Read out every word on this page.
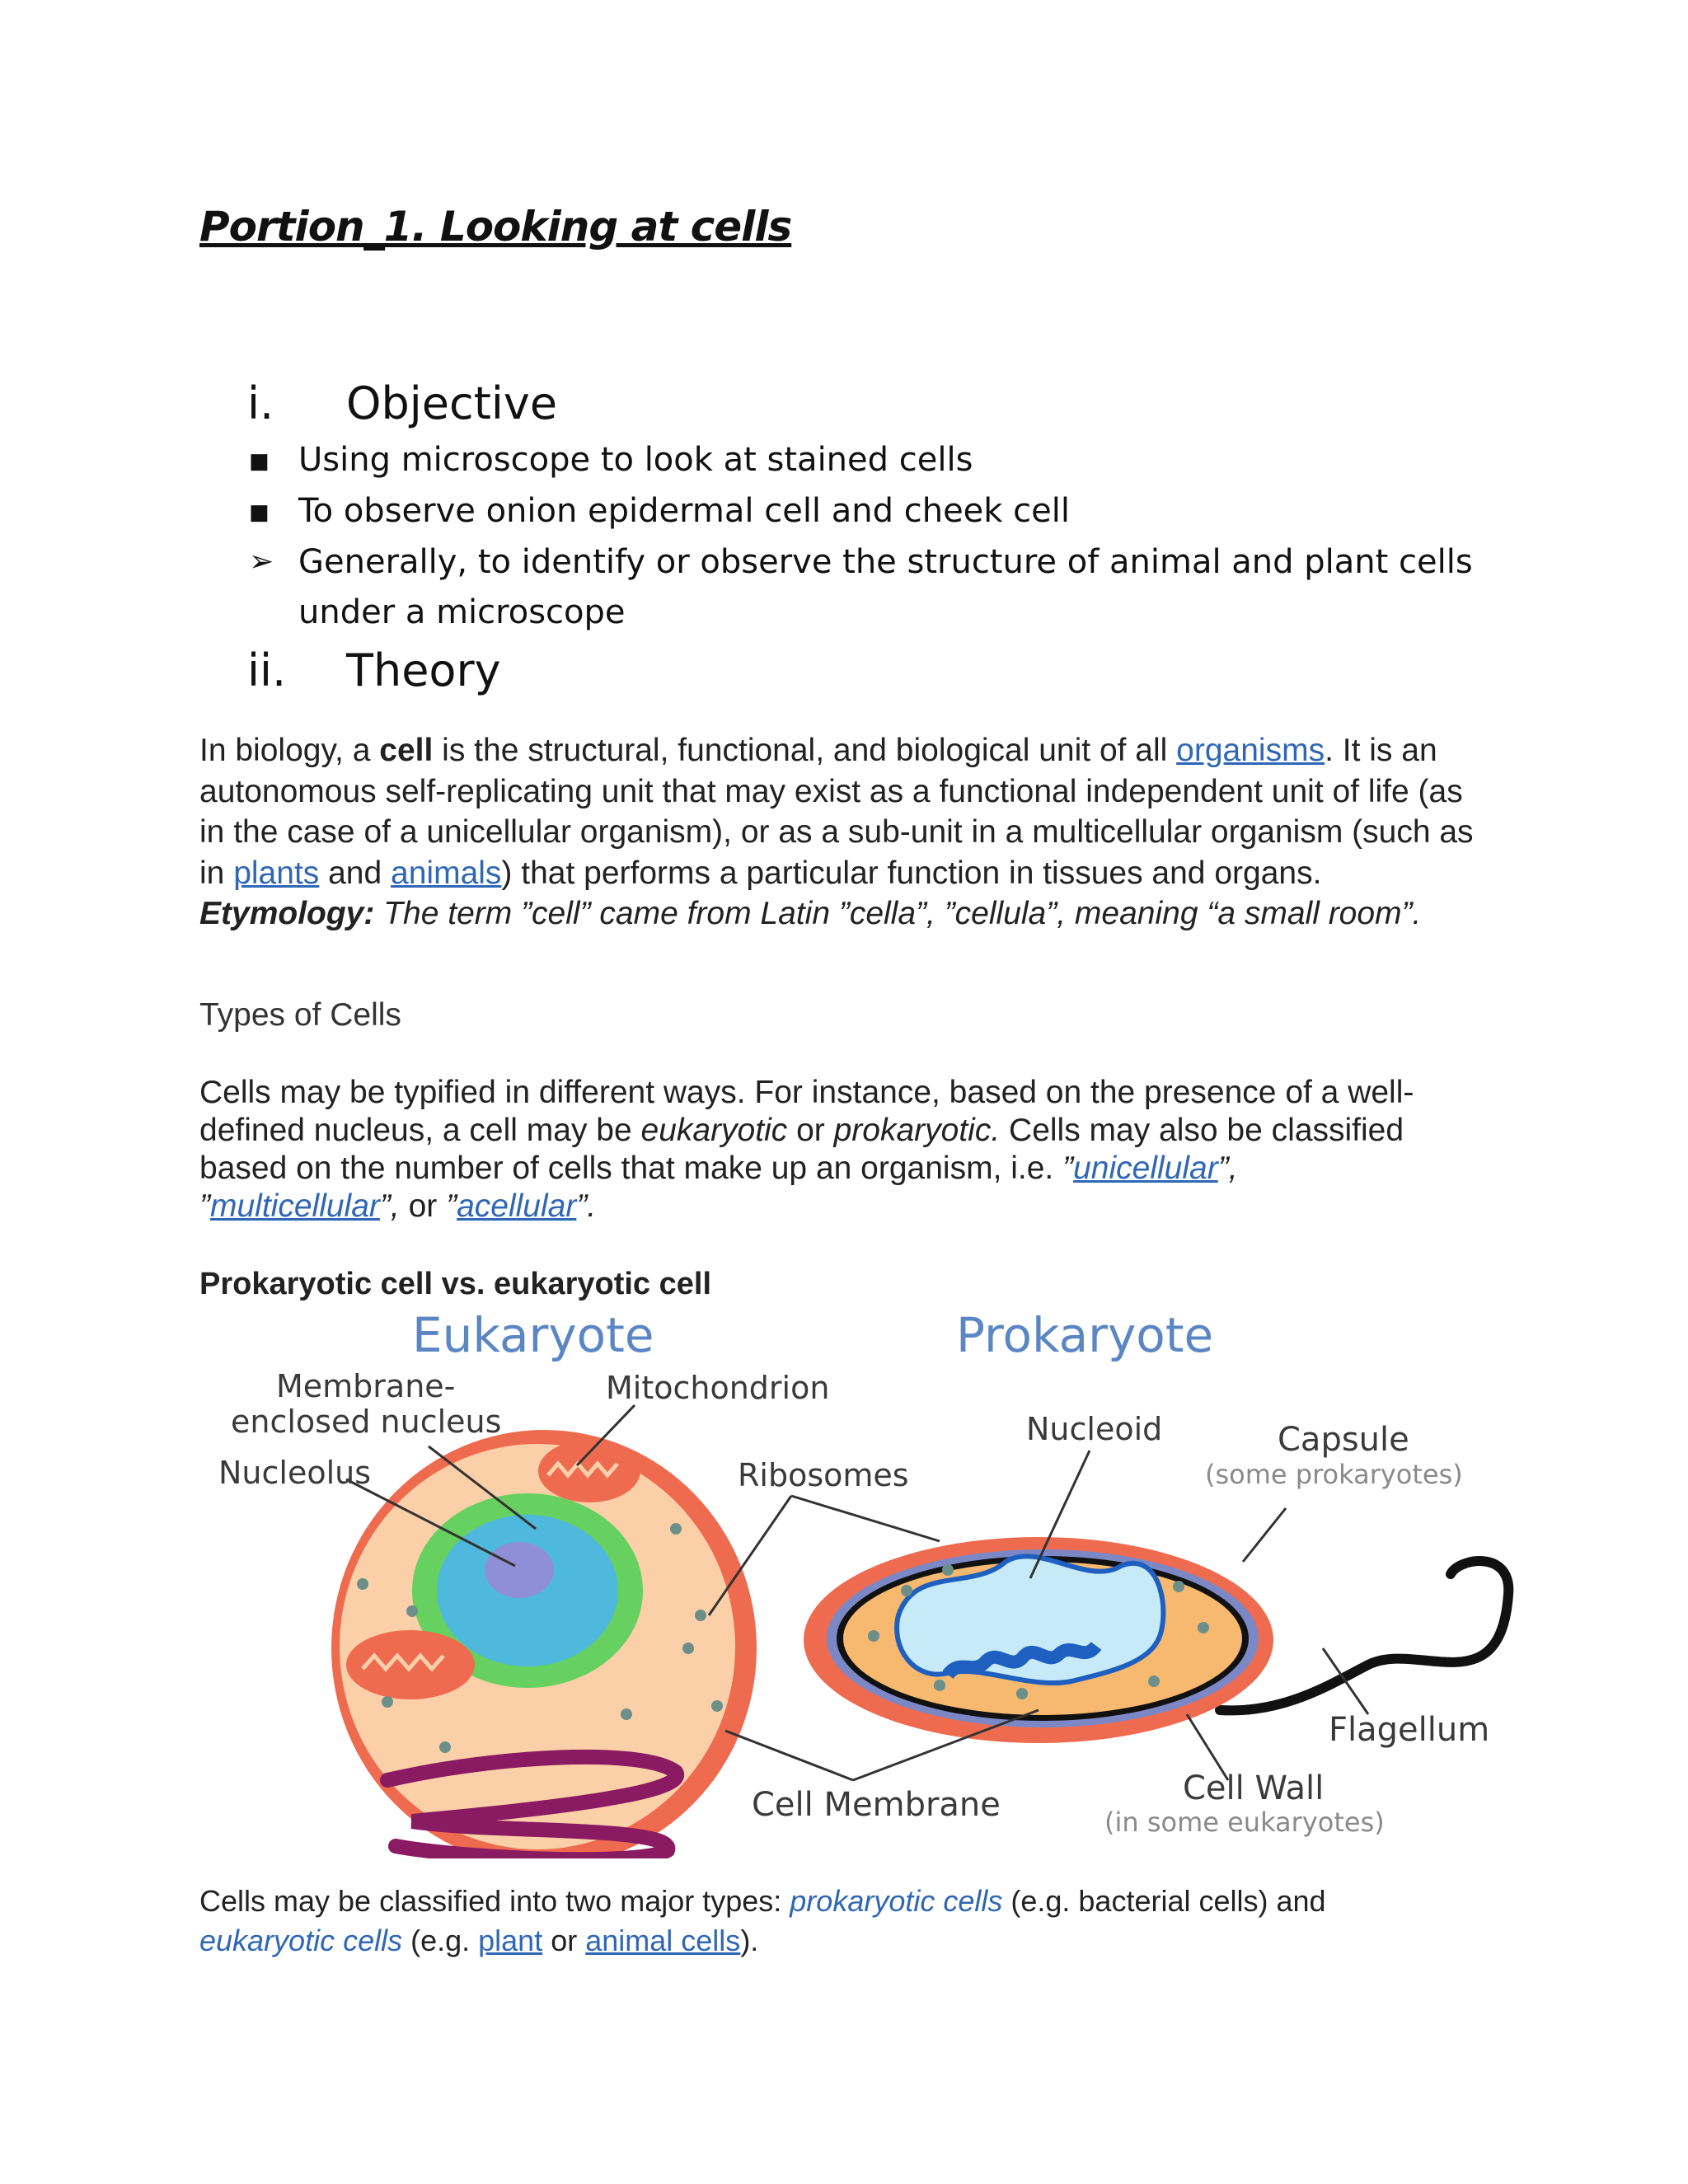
Portion_1. Looking at cells
i. Objective
■ Using microscope to look at stained cells
■ To observe onion epidermal cell and cheek cell
➢ Generally, to identify or observe the structure of animal and plant cells
under a microscope
ii. Theory
In biology, a cell is the structural, functional, and biological unit of all organisms. It is an autonomous self-replicating unit that may exist as a functional independent unit of life (as in the case of a unicellular organism), or as a sub-unit in a multicellular organism (such as in plants and animals) that performs a particular function in tissues and organs. Etymology: The term ”cell” came from Latin ”cella”, ”cellula”, meaning “a small room”.
Types of Cells
Cells may be typified in different ways. For instance, based on the presence of a well-defined nucleus, a cell may be eukaryotic or prokaryotic. Cells may also be classified based on the number of cells that make up an organism, i.e. ”unicellular”,
”multicellular”, or ”acellular”.
Prokaryotic cell vs. eukaryotic cell
Eukaryote	Prokaryote
Membrane-
enclosed nucleus
Mitochondrion
Nucleolus	Ribosomes
Nucleoid	Capsule
(some prokaryotes)
Flagellum
Cell Membrane	Cell Wall
(in some eukaryotes)
Cells may be classified into two major types: prokaryotic cells (e.g. bacterial cells) and eukaryotic cells (e.g. plant or animal cells).
